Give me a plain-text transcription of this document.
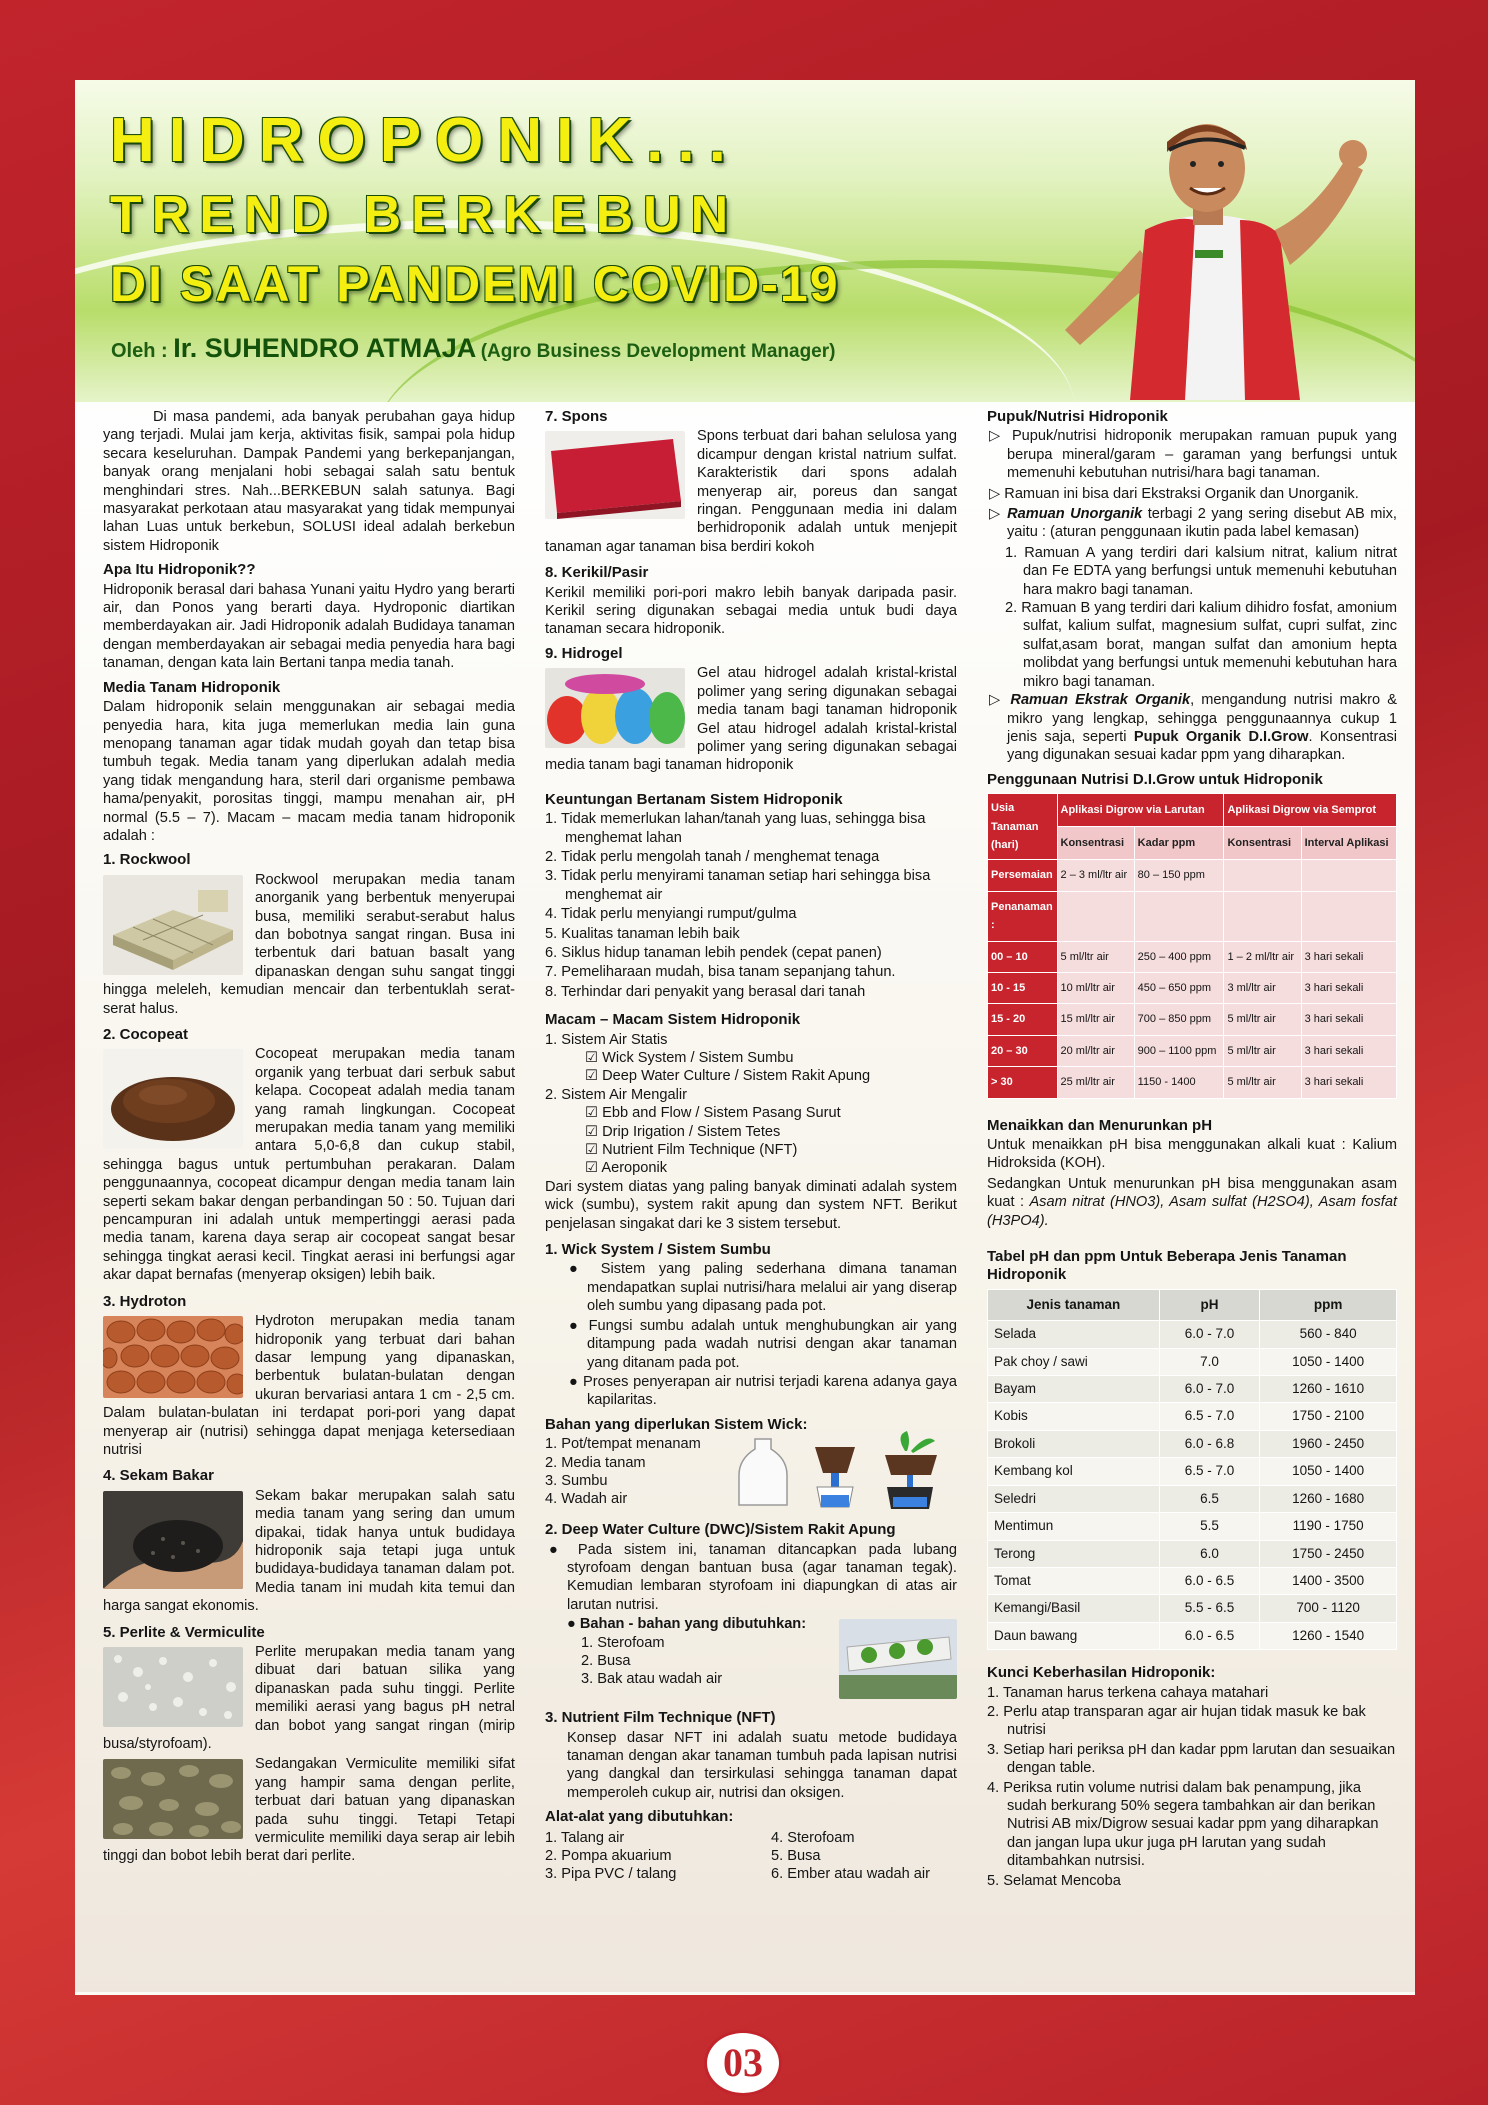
HIDROPONIK...
TREND BERKEBUN
DI SAAT PANDEMI COVID-19
Oleh : Ir. SUHENDRO ATMAJA (Agro Business Development Manager)

Di masa pandemi, ada banyak perubahan gaya hidup yang terjadi. Mulai jam kerja, aktivitas fisik, sampai pola hidup secara keseluruhan. Dampak Pandemi yang berkepanjangan, banyak orang menjalani hobi sebagai salah satu bentuk menghindari stres. Nah...BERKEBUN salah satunya. Bagi masyarakat perkotaan atau masyarakat yang tidak mempunyai lahan Luas untuk berkebun, SOLUSI ideal adalah berkebun sistem Hidroponik

Apa Itu Hidroponik??

Hidroponik berasal dari bahasa Yunani yaitu Hydro yang berarti air, dan Ponos yang berarti daya. Hydroponic diartikan memberdayakan air. Jadi Hidroponik adalah Budidaya tanaman dengan memberdayakan air sebagai media penyedia hara bagi tanaman, dengan kata lain Bertani tanpa media tanah.

Media Tanam Hidroponik

Dalam hidroponik selain menggunakan air sebagai media penyedia hara, kita juga memerlukan media lain guna menopang tanaman agar tidak mudah goyah dan tetap bisa tumbuh tegak. Media tanam yang diperlukan adalah media yang tidak mengandung hara, steril dari organisme pembawa hama/penyakit, porositas tinggi, mampu menahan air, pH normal (5.5 – 7). Macam – macam media tanam hidroponik adalah :

1. Rockwool

Rockwool merupakan media tanam anorganik yang berbentuk menyerupai busa, memiliki serabut-serabut halus dan bobotnya sangat ringan. Busa ini terbentuk dari batuan basalt yang dipanaskan dengan suhu sangat tinggi hingga meleleh, kemudian mencair dan terbentuklah serat-serat halus.

2. Cocopeat

Cocopeat merupakan media tanam organik yang terbuat dari serbuk sabut kelapa. Cocopeat adalah media tanam yang ramah lingkungan. Cocopeat merupakan media tanam yang memiliki antara 5,0-6,8 dan cukup stabil, sehingga bagus untuk pertumbuhan perakaran. Dalam penggunaannya, cocopeat dicampur dengan media tanam lain seperti sekam bakar dengan perbandingan 50 : 50. Tujuan dari pencampuran ini adalah untuk mempertinggi aerasi pada media tanam, karena daya serap air cocopeat sangat besar sehingga tingkat aerasi kecil. Tingkat aerasi ini berfungsi agar akar dapat bernafas (menyerap oksigen) lebih baik.

3. Hydroton

Hydroton merupakan media tanam hidroponik yang terbuat dari bahan dasar lempung yang dipanaskan, berbentuk bulatan-bulatan dengan ukuran bervariasi antara 1 cm - 2,5 cm. Dalam bulatan-bulatan ini terdapat pori-pori yang dapat menyerap air (nutrisi) sehingga dapat menjaga ketersediaan nutrisi

4. Sekam Bakar

Sekam bakar merupakan salah satu media tanam yang sering dan umum dipakai, tidak hanya untuk budidaya hidroponik saja tetapi juga untuk budidaya-budidaya tanaman dalam pot. Media tanam ini mudah kita temui dan harga sangat ekonomis.

5. Perlite & Vermiculite

Perlite merupakan media tanam yang dibuat dari batuan silika yang dipanaskan pada suhu tinggi. Perlite memiliki aerasi yang bagus pH netral dan bobot yang sangat ringan (mirip busa/styrofoam).

Sedangakan Vermiculite memiliki sifat yang hampir sama dengan perlite, terbuat dari batuan yang dipanaskan pada suhu tinggi. Tetapi Tetapi vermiculite memiliki daya serap air lebih tinggi dan bobot lebih berat dari perlite.

7. Spons

Spons terbuat dari bahan selulosa yang dicampur dengan kristal natrium sulfat. Karakteristik dari spons adalah menyerap air, poreus dan sangat ringan. Penggunaan media ini dalam berhidroponik adalah untuk menjepit tanaman agar tanaman bisa berdiri kokoh

8. Kerikil/Pasir

Kerikil memiliki pori-pori makro lebih banyak daripada pasir. Kerikil sering digunakan sebagai media untuk budi daya tanaman secara hidroponik.

9. Hidrogel

Gel atau hidrogel adalah kristal-kristal polimer yang sering digunakan sebagai media tanam bagi tanaman hidroponik Gel atau hidrogel adalah kristal-kristal polimer yang sering digunakan sebagai media tanam bagi tanaman hidroponik

Keuntungan Bertanam Sistem Hidroponik
1. Tidak memerlukan lahan/tanah yang luas, sehingga bisa menghemat lahan
2. Tidak perlu mengolah tanah / menghemat tenaga
3. Tidak perlu menyirami tanaman setiap hari sehingga bisa menghemat air
4. Tidak perlu menyiangi rumput/gulma
5. Kualitas tanaman lebih baik
6. Siklus hidup tanaman lebih pendek (cepat panen)
7. Pemeliharaan mudah, bisa tanam sepanjang tahun.
8. Terhindar dari penyakit yang berasal dari tanah
Macam – Macam Sistem Hidroponik
1. Sistem Air Statis
☑ Wick System / Sistem Sumbu
☑ Deep Water Culture / Sistem Rakit Apung
2. Sistem Air Mengalir
☑ Ebb and Flow / Sistem Pasang Surut
☑ Drip Irigation / Sistem Tetes
☑ Nutrient Film Technique (NFT)
☑ Aeroponik

Dari system diatas yang paling banyak diminati adalah system wick (sumbu), system rakit apung dan system NFT. Berikut penjelasan singakat dari ke 3 sistem tersebut.

1. Wick System / Sistem Sumbu
● Sistem yang paling sederhana dimana tanaman mendapatkan suplai nutrisi/hara melalui air yang diserap oleh sumbu yang dipasang pada pot.
● Fungsi sumbu adalah untuk menghubungkan air yang ditampung pada wadah nutrisi dengan akar tanaman yang ditanam pada pot.
● Proses penyerapan air nutrisi terjadi karena adanya gaya kapilaritas.
Bahan yang diperlukan Sistem Wick:
1. Pot/tempat menanam
2. Media tanam
3. Sumbu
4. Wadah air
2. Deep Water Culture (DWC)/Sistem Rakit Apung
● Pada sistem ini, tanaman ditancapkan pada lubang styrofoam dengan bantuan busa (agar tanaman tegak). Kemudian lembaran styrofoam ini diapungkan di atas air larutan nutrisi.
● Bahan - bahan yang dibutuhkan:
1. Sterofoam
2. Busa
3. Bak atau wadah air
3. Nutrient Film Technique (NFT)

Konsep dasar NFT ini adalah suatu metode budidaya tanaman dengan akar tanaman tumbuh pada lapisan nutrisi yang dangkal dan tersirkulasi sehingga tanaman dapat memperoleh cukup air, nutrisi dan oksigen.

Alat-alat yang dibutuhkan:
1. Talang air
2. Pompa akuarium
3. Pipa PVC / talang
4. Sterofoam
5. Busa
6. Ember atau wadah air
Pupuk/Nutrisi Hidroponik
▷ Pupuk/nutrisi hidroponik merupakan ramuan pupuk yang berupa mineral/garam – garaman yang berfungsi untuk memenuhi kebutuhan nutrisi/hara bagi tanaman.
▷ Ramuan ini bisa dari Ekstraksi Organik dan Unorganik.
▷ Ramuan Unorganik terbagi 2 yang sering disebut AB mix, yaitu : (aturan penggunaan ikutin pada label kemasan)
1. Ramuan A yang terdiri dari kalsium nitrat, kalium nitrat dan Fe EDTA yang berfungsi untuk memenuhi kebutuhan hara makro bagi tanaman.
2. Ramuan B yang terdiri dari kalium dihidro fosfat, amonium sulfat, kalium sulfat, magnesium sulfat, cupri sulfat, zinc sulfat,asam borat, mangan sulfat dan amonium hepta molibdat yang berfungsi untuk memenuhi kebutuhan hara mikro bagi tanaman.
▷ Ramuan Ekstrak Organik, mengandung nutrisi makro & mikro yang lengkap, sehingga penggunaannya cukup 1 jenis saja, seperti Pupuk Organik D.I.Grow. Konsentrasi yang digunakan sesuai kadar ppm yang diharapkan.
Penggunaan Nutrisi D.I.Grow untuk Hidroponik
Usia Tanaman (hari)	Aplikasi Digrow via Larutan		Aplikasi Digrow via Semprot	
	Konsentrasi	Kadar ppm	Konsentrasi	Interval Aplikasi
Persemaian	2 – 3 ml/ltr air	80 – 150 ppm		
Penanaman :				
00 – 10	5 ml/ltr air	250 – 400 ppm	1 – 2 ml/ltr air	3 hari sekali
10 - 15	10 ml/ltr air	450 – 650 ppm	3 ml/ltr air	3 hari sekali
15 - 20	15 ml/ltr air	700 – 850 ppm	5 ml/ltr air	3 hari sekali
20 – 30	20 ml/ltr air	900 – 1100 ppm	5 ml/ltr air	3 hari sekali
> 30	25 ml/ltr air	1150 - 1400	5 ml/ltr air	3 hari sekali
Menaikkan dan Menurunkan pH

Untuk menaikkan pH bisa menggunakan alkali kuat : Kalium Hidroksida (KOH).

Sedangkan Untuk menurunkan pH bisa menggunakan asam kuat : Asam nitrat (HNO3), Asam sulfat (H2SO4), Asam fosfat (H3PO4).

Tabel pH dan ppm Untuk Beberapa Jenis Tanaman Hidroponik
Jenis tanaman	pH	ppm
Selada	6.0 - 7.0	560 - 840
Pak choy / sawi	7.0	1050 - 1400
Bayam	6.0 - 7.0	1260 - 1610
Kobis	6.5 - 7.0	1750 - 2100
Brokoli	6.0 - 6.8	1960 - 2450
Kembang kol	6.5 - 7.0	1050 - 1400
Seledri	6.5	1260 - 1680
Mentimun	5.5	1190 - 1750
Terong	6.0	1750 - 2450
Tomat	6.0 - 6.5	1400 - 3500
Kemangi/Basil	5.5 - 6.5	700 - 1120
Daun bawang	6.0 - 6.5	1260 - 1540
Kunci Keberhasilan Hidroponik:
1. Tanaman harus terkena cahaya matahari
2. Perlu atap transparan agar air hujan tidak masuk ke bak nutrisi
3. Setiap hari periksa pH dan kadar ppm larutan dan sesuaikan dengan table.
4. Periksa rutin volume nutrisi dalam bak penampung, jika sudah berkurang 50% segera tambahkan air dan berikan Nutrisi AB mix/Digrow sesuai kadar ppm yang diharapkan dan jangan lupa ukur juga pH larutan yang sudah ditambahkan nutrsisi.
5. Selamat Mencoba
03
